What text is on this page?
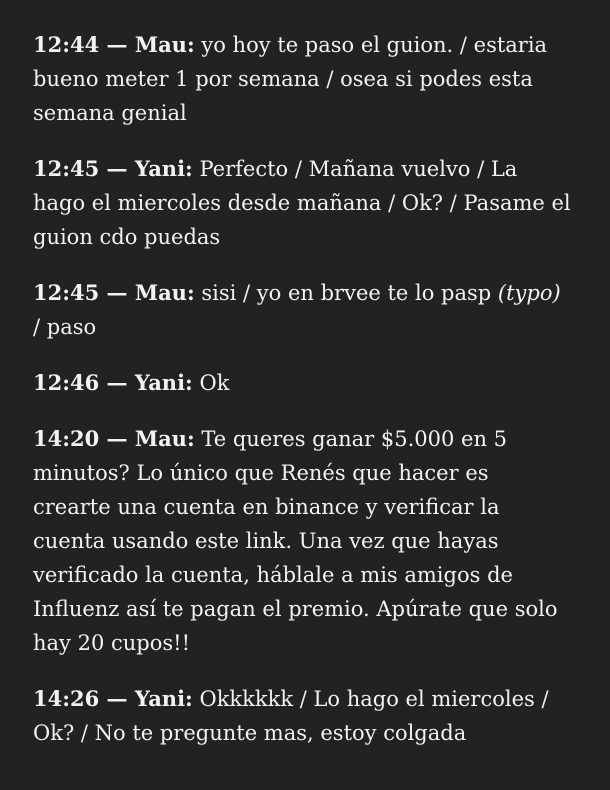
12:44 — Mau: yo hoy te paso el guion. / estaria bueno meter 1 por semana / osea si podes esta semana genial

12:45 — Yani: Perfecto / Mañana vuelvo / La hago el miercoles desde mañana / Ok? / Pasame el guion cdo puedas

12:45 — Mau: sisi / yo en brvee te lo pasp (typo) / paso

12:46 — Yani: Ok

14:20 — Mau: Te queres ganar $5.000 en 5 minutos? Lo único que Renés que hacer es crearte una cuenta en binance y verificar la cuenta usando este link. Una vez que hayas verificado la cuenta, háblale a mis amigos de Influenz así te pagan el premio. Apúrate que solo hay 20 cupos!!

14:26 — Yani: Okkkkkk / Lo hago el miercoles / Ok? / No te pregunte mas, estoy colgada
